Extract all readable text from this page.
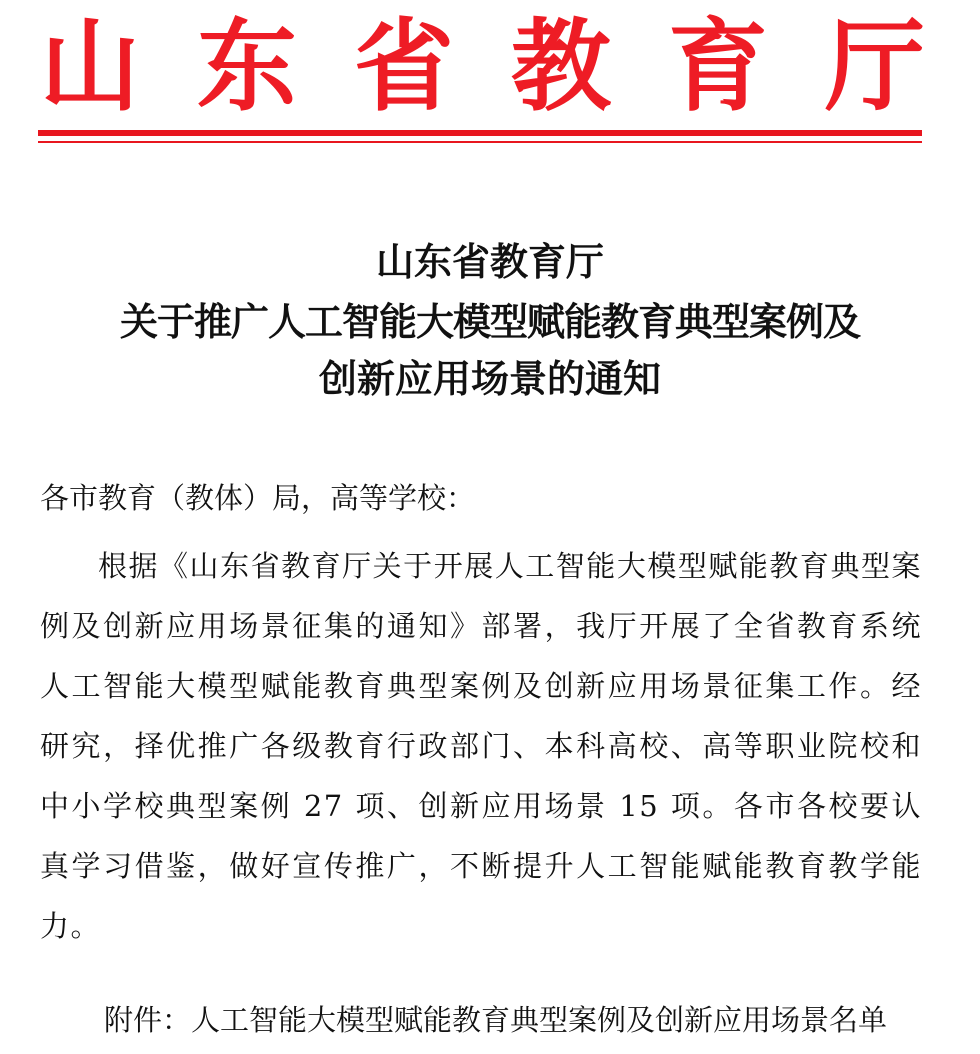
山 东 省 教 育 厅
山东省教育厅
关于推广人工智能大模型赋能教育典型案例及
创新应用场景的通知
各市教育（教体）局，高等学校：

根据《山东省教育厅关于开展人工智能大模型赋能教育典型案例及创新应用场景征集的通知》部署，我厅开展了全省教育系统人工智能大模型赋能教育典型案例及创新应用场景征集工作。经研究，择优推广各级教育行政部门、本科高校、高等职业院校和中小学校典型案例 27 项、创新应用场景 15 项。各市各校要认真学习借鉴，做好宣传推广，不断提升人工智能赋能教育教学能力。

附件：人工智能大模型赋能教育典型案例及创新应用场景名单
